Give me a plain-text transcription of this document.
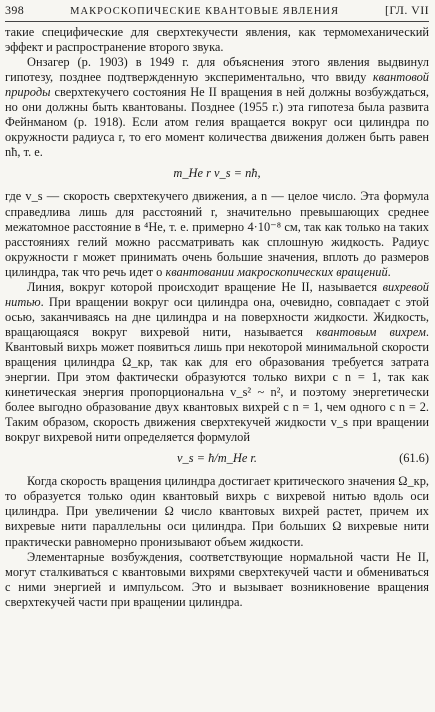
398	МАКРОСКОПИЧЕСКИЕ КВАНТОВЫЕ ЯВЛЕНИЯ	[ГЛ. VII

такие специфические для сверхтекучести явления, как термомеханический эффект и распространение второго звука.

Онзагер (р. 1903) в 1949 г. для объяснения этого явления выдвинул гипотезу, позднее подтвержденную экспериментально, что ввиду квантовой природы сверхтекучего состояния He II вращения в ней должны возбуждаться, но они должны быть квантованы. Позднее (1955 г.) эта гипотеза была развита Фейнманом (р. 1918). Если атом гелия вращается вокруг оси цилиндра по окружности радиуса r, то его момент количества движения должен быть равен nħ, т. е.

m_He r v_s = nħ,

где v_s — скорость сверхтекучего движения, а n — целое число. Эта формула справедлива лишь для расстояний r, значительно превышающих среднее межатомное расстояние в ⁴He, т. е. примерно 4·10⁻⁸ см, так как только на таких расстояниях гелий можно рассматривать как сплошную жидкость. Радиус окружности r может принимать очень большие значения, вплоть до размеров цилиндра, так что речь идет о квантовании макроскопических вращений.

Линия, вокруг которой происходит вращение He II, называется вихревой нитью. При вращении вокруг оси цилиндра она, очевидно, совпадает с этой осью, заканчиваясь на дне цилиндра и на поверхности жидкости. Жидкость, вращающаяся вокруг вихревой нити, называется квантовым вихрем. Квантовый вихрь может появиться лишь при некоторой минимальной скорости вращения цилиндра Ω_кр, так как для его образования требуется затрата энергии. При этом фактически образуются только вихри с n = 1, так как кинетическая энергия пропорциональна v_s² ~ n², и поэтому энергетически более выгодно образование двух квантовых вихрей с n = 1, чем одного с n = 2. Таким образом, скорость движения сверхтекучей жидкости v_s при вращении вокруг вихревой нити определяется формулой

v_s = ħ/m_He r.	(61.6)

Когда скорость вращения цилиндра достигает критического значения Ω_кр, то образуется только один квантовый вихрь с вихревой нитью вдоль оси цилиндра. При увеличении Ω число квантовых вихрей растет, причем их вихревые нити параллельны оси цилиндра. При больших Ω вихревые нити практически равномерно пронизывают объем жидкости.

Элементарные возбуждения, соответствующие нормальной части He II, могут сталкиваться с квантовыми вихрями сверхтекучей части и обмениваться с ними энергией и импульсом. Это и вызывает возникновение вращения сверхтекучей части при вращении цилиндра.
